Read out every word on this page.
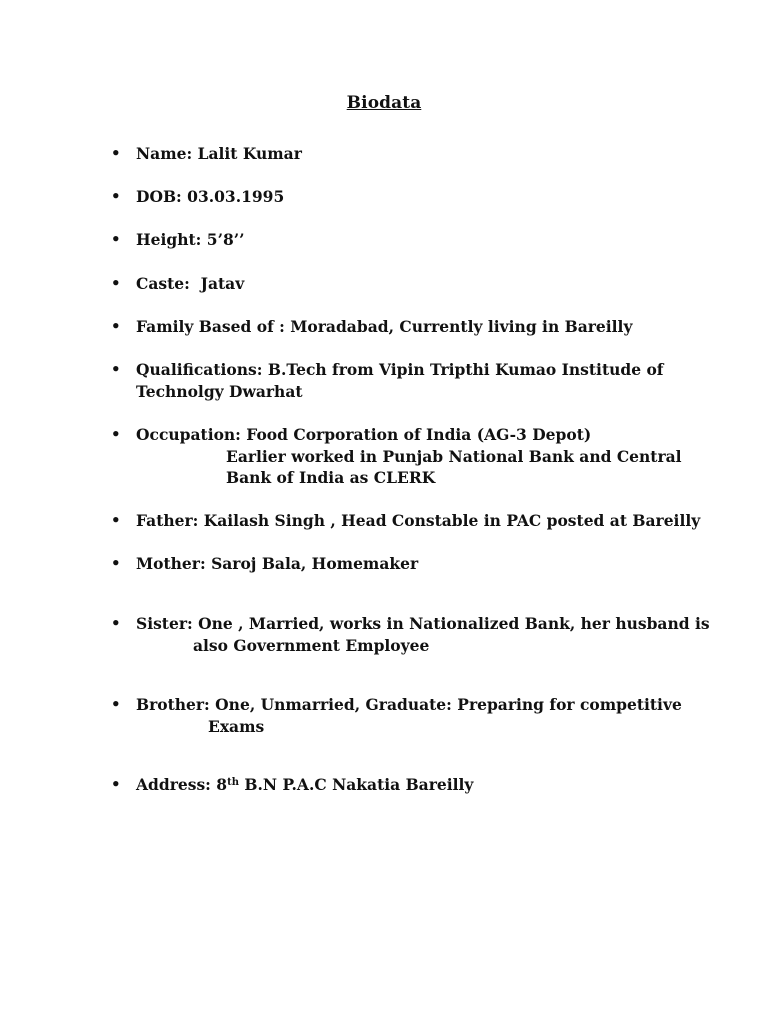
Biodata
• Name: Lalit Kumar
• DOB: 03.03.1995
• Height: 5’8’’
• Caste:  Jatav
• Family Based of : Moradabad, Currently living in Bareilly
• Qualifications: B.Tech from Vipin Tripthi Kumao Institude of
Technolgy Dwarhat
• Occupation: Food Corporation of India (AG-3 Depot)
Earlier worked in Punjab National Bank and Central
Bank of India as CLERK
• Father: Kailash Singh , Head Constable in PAC posted at Bareilly
• Mother: Saroj Bala, Homemaker
• Sister: One , Married, works in Nationalized Bank, her husband is
also Government Employee
• Brother: One, Unmarried, Graduate: Preparing for competitive
Exams
• Address: 8th B.N P.A.C Nakatia Bareilly
